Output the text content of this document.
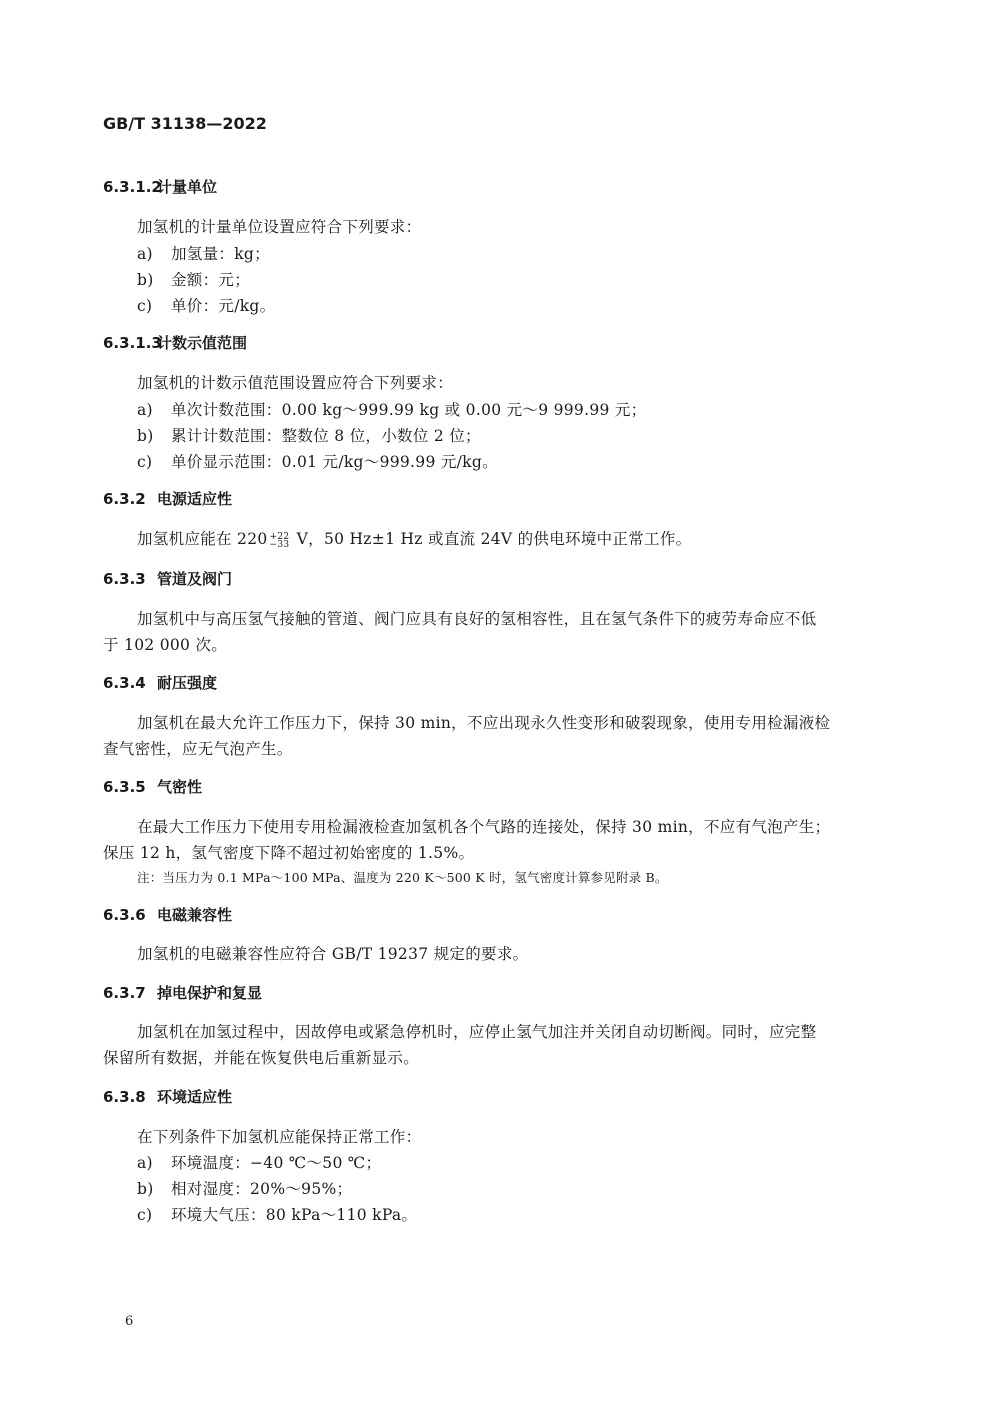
GB/T 31138—2022
6.3.1.2计量单位
加氢机的计量单位设置应符合下列要求：
a) 加氢量：kg；
b) 金额：元；
c) 单价：元/kg。
6.3.1.3计数示值范围
加氢机的计数示值范围设置应符合下列要求：
a) 单次计数范围：0.00 kg～999.99 kg 或 0.00 元～9 999.99 元；
b) 累计计数范围：整数位 8 位，小数位 2 位；
c) 单价显示范围：0.01 元/kg～999.99 元/kg。
6.3.2 电源适应性
加氢机应能在 220 $^{+22 -33}$ V，50 Hz±1 Hz 或直流 24V 的供电环境中正常工作。
6.3.3 管道及阀门
加氢机中与高压氢气接触的管道、阀门应具有良好的氢相容性，且在氢气条件下的疲劳寿命应不低
于 102 000 次。
6.3.4 耐压强度
加氢机在最大允许工作压力下，保持 30 min，不应出现永久性变形和破裂现象，使用专用检漏液检
查气密性，应无气泡产生。
6.3.5 气密性
在最大工作压力下使用专用检漏液检查加氢机各个气路的连接处，保持 30 min，不应有气泡产生；
保压 12 h，氢气密度下降不超过初始密度的 1.5%。
注：当压力为 0.1 MPa～100 MPa、温度为 220 K～500 K 时，氢气密度计算参见附录 B。
6.3.6 电磁兼容性
加氢机的电磁兼容性应符合 GB/T 19237 规定的要求。
6.3.7 掉电保护和复显
加氢机在加氢过程中，因故停电或紧急停机时，应停止氢气加注并关闭自动切断阀。同时，应完整
保留所有数据，并能在恢复供电后重新显示。
6.3.8 环境适应性
在下列条件下加氢机应能保持正常工作：
a) 环境温度：−40 ℃～50 ℃；
b) 相对湿度：20%～95%；
c) 环境大气压：80 kPa～110 kPa。
6
